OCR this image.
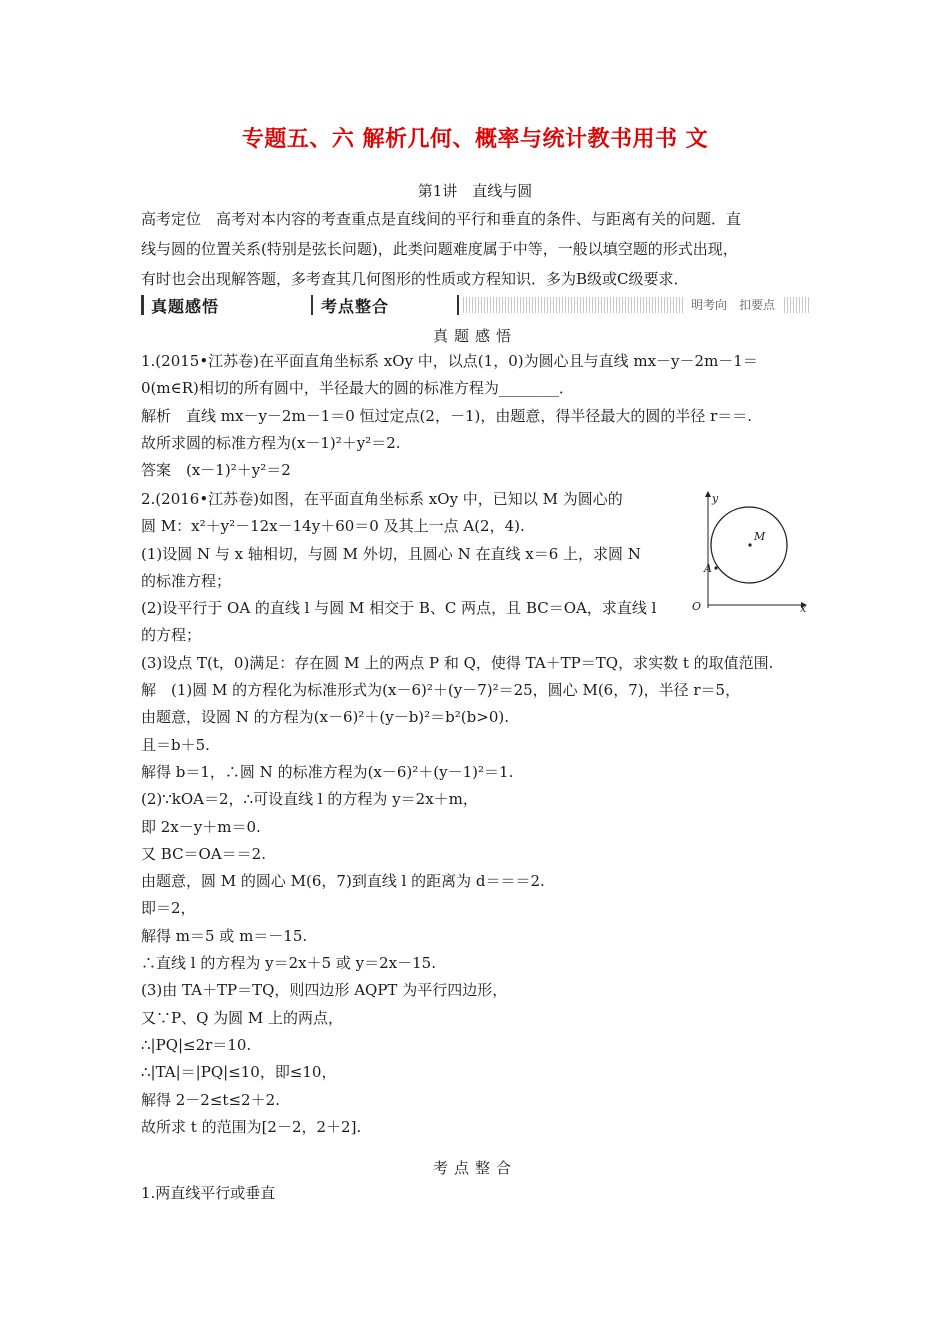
专题五、六 解析几何、概率与统计教书用书 文
第1讲　直线与圆

高考定位　高考对本内容的考查重点是直线间的平行和垂直的条件、与距离有关的问题．直

线与圆的位置关系(特别是弦长问题)，此类问题难度属于中等，一般以填空题的形式出现，

有时也会出现解答题，多考查其几何图形的性质或方程知识．多为B级或C级要求．

真题感悟	考点整合	明考向　扣要点
真题感悟

1.(2015•江苏卷)在平面直角坐标系 xOy 中，以点(1，0)为圆心且与直线 mx－y－2m－1＝

0(m∈R)相切的所有圆中，半径最大的圆的标准方程为________．

解析　直线 mx－y－2m－1＝0 恒过定点(2，－1)，由题意，得半径最大的圆的半径 r＝＝.

故所求圆的标准方程为(x－1)²＋y²＝2.

答案　(x－1)²＋y²＝2

2.(2016•江苏卷)如图，在平面直角坐标系 xOy 中，已知以 M 为圆心的

圆 M：x²＋y²－12x－14y＋60＝0 及其上一点 A(2，4).

(1)设圆 N 与 x 轴相切，与圆 M 外切，且圆心 N 在直线 x＝6 上，求圆 N

的标准方程；

(2)设平行于 OA 的直线 l 与圆 M 相交于 B、C 两点，且 BC＝OA，求直线 l

的方程；

(3)设点 T(t，0)满足：存在圆 M 上的两点 P 和 Q，使得 TA＋TP＝TQ，求实数 t 的取值范围.

解　(1)圆 M 的方程化为标准形式为(x－6)²＋(y－7)²＝25，圆心 M(6，7)，半径 r＝5，

由题意，设圆 N 的方程为(x－6)²＋(y－b)²＝b²(b>0).

且＝b＋5.

解得 b＝1，∴圆 N 的标准方程为(x－6)²＋(y－1)²＝1.

(2)∵kOA＝2，∴可设直线 l 的方程为 y＝2x＋m，

即 2x－y＋m＝0.

又 BC＝OA＝＝2.

由题意，圆 M 的圆心 M(6，7)到直线 l 的距离为 d＝＝＝2.

即＝2，

解得 m＝5 或 m＝－15.

∴直线 l 的方程为 y＝2x＋5 或 y＝2x－15.

(3)由 TA＋TP＝TQ，则四边形 AQPT 为平行四边形，

又∵P、Q 为圆 M 上的两点，

∴|PQ|≤2r＝10.

∴|TA|＝|PQ|≤10，即≤10，

解得 2－2≤t≤2＋2.

故所求 t 的范围为[2－2，2＋2].

y
x
O
M
A
考点整合
1.两直线平行或垂直
